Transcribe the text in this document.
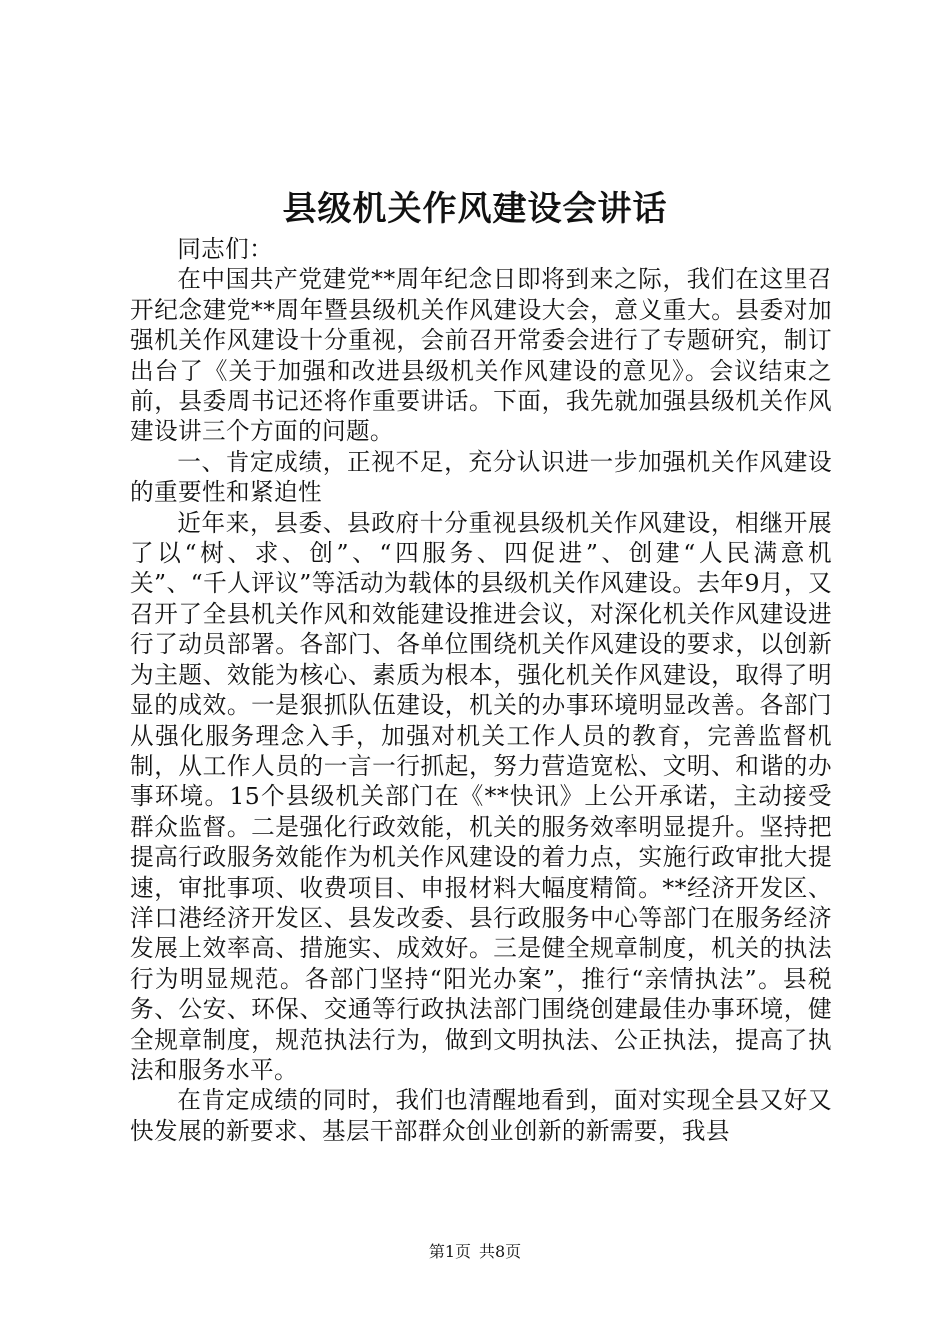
县级机关作风建设会讲话

同志们：

在中国共产党建党**周年纪念日即将到来之际，我们在这里召开纪念建党**周年暨县级机关作风建设大会，意义重大。县委对加强机关作风建设十分重视，会前召开常委会进行了专题研究，制订出台了《关于加强和改进县级机关作风建设的意见》。会议结束之前，县委周书记还将作重要讲话。下面，我先就加强县级机关作风建设讲三个方面的问题。

一、肯定成绩，正视不足，充分认识进一步加强机关作风建设的重要性和紧迫性

近年来，县委、县政府十分重视县级机关作风建设，相继开展了以“树、求、创”、“四服务、四促进”、创建“人民满意机关”、“千人评议”等活动为载体的县级机关作风建设。去年9月，又召开了全县机关作风和效能建设推进会议，对深化机关作风建设进行了动员部署。各部门、各单位围绕机关作风建设的要求，以创新为主题、效能为核心、素质为根本，强化机关作风建设，取得了明显的成效。一是狠抓队伍建设，机关的办事环境明显改善。各部门从强化服务理念入手，加强对机关工作人员的教育，完善监督机制，从工作人员的一言一行抓起，努力营造宽松、文明、和谐的办事环境。15个县级机关部门在《**快讯》上公开承诺，主动接受群众监督。二是强化行政效能，机关的服务效率明显提升。坚持把提高行政服务效能作为机关作风建设的着力点，实施行政审批大提速，审批事项、收费项目、申报材料大幅度精简。**经济开发区、洋口港经济开发区、县发改委、县行政服务中心等部门在服务经济发展上效率高、措施实、成效好。三是健全规章制度，机关的执法行为明显规范。各部门坚持“阳光办案”，推行“亲情执法”。县税务、公安、环保、交通等行政执法部门围绕创建最佳办事环境，健全规章制度，规范执法行为，做到文明执法、公正执法，提高了执法和服务水平。

在肯定成绩的同时，我们也清醒地看到，面对实现全县又好又快发展的新要求、基层干部群众创业创新的新需要，我县

第1页 共8页
